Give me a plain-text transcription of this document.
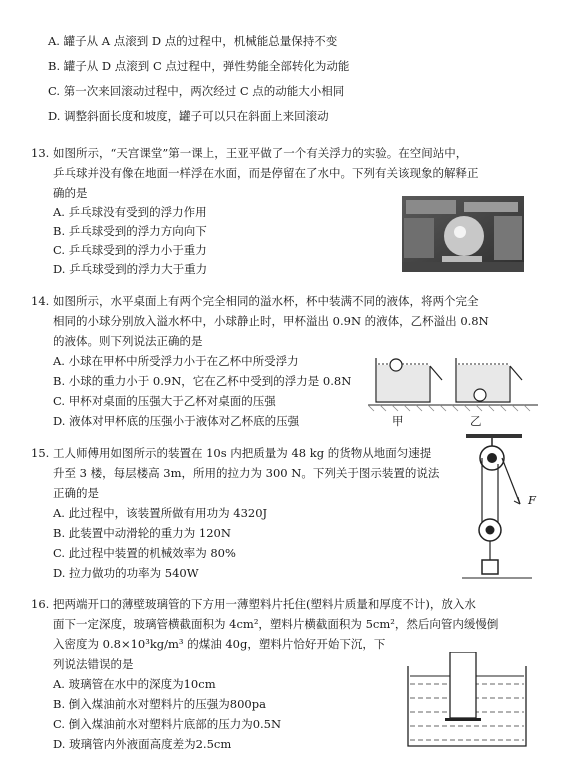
A. 罐子从 A 点滚到 D 点的过程中，机械能总量保持不变
B. 罐子从 D 点滚到 C 点过程中，弹性势能全部转化为动能
C. 第一次来回滚动过程中，两次经过 C 点的动能大小相同
D. 调整斜面长度和坡度，罐子可以只在斜面上来回滚动
13. 如图所示，“天宫课堂”第一课上，王亚平做了一个有关浮力的实验。在空间站中，
乒乓球并没有像在地面一样浮在水面，而是停留在了水中。下列有关该现象的解释正
确的是
A. 乒乓球没有受到的浮力作用
B. 乒乓球受到的浮力方向向下
C. 乒乓球受到的浮力小于重力
D. 乒乓球受到的浮力大于重力
14. 如图所示，水平桌面上有两个完全相同的溢水杯，杯中装满不同的液体，将两个完全
相同的小球分别放入溢水杯中，小球静止时，甲杯溢出 0.9N 的液体，乙杯溢出 0.8N
的液体。则下列说法正确的是
A. 小球在甲杯中所受浮力小于在乙杯中所受浮力
B. 小球的重力小于 0.9N，它在乙杯中受到的浮力是 0.8N
C. 甲杯对桌面的压强大于乙杯对桌面的压强
D. 液体对甲杯底的压强小于液体对乙杯底的压强	甲	乙
15. 工人师傅用如图所示的装置在 10s 内把质量为 48 kg 的货物从地面匀速提
升至 3 楼，每层楼高 3m，所用的拉力为 300 N。下列关于图示装置的说法
正确的是
A. 此过程中，该装置所做有用功为 4320J
B. 此装置中动滑轮的重力为 120N
C. 此过程中装置的机械效率为 80%
D. 拉力做功的功率为 540W
F
16. 把两端开口的薄壁玻璃管的下方用一薄塑料片托住(塑料片质量和厚度不计)，放入水
面下一定深度，玻璃管横截面积为 4cm²，塑料片横截面积为 5cm²，然后向管内缓慢倒
入密度为 0.8×10³kg/m³ 的煤油 40g，塑料片恰好开始下沉，下
列说法错误的是
A. 玻璃管在水中的深度为10cm
B. 倒入煤油前水对塑料片的压强为800pa
C. 倒入煤油前水对塑料片底部的压力为0.5N
D. 玻璃管内外液面高度差为2.5cm
